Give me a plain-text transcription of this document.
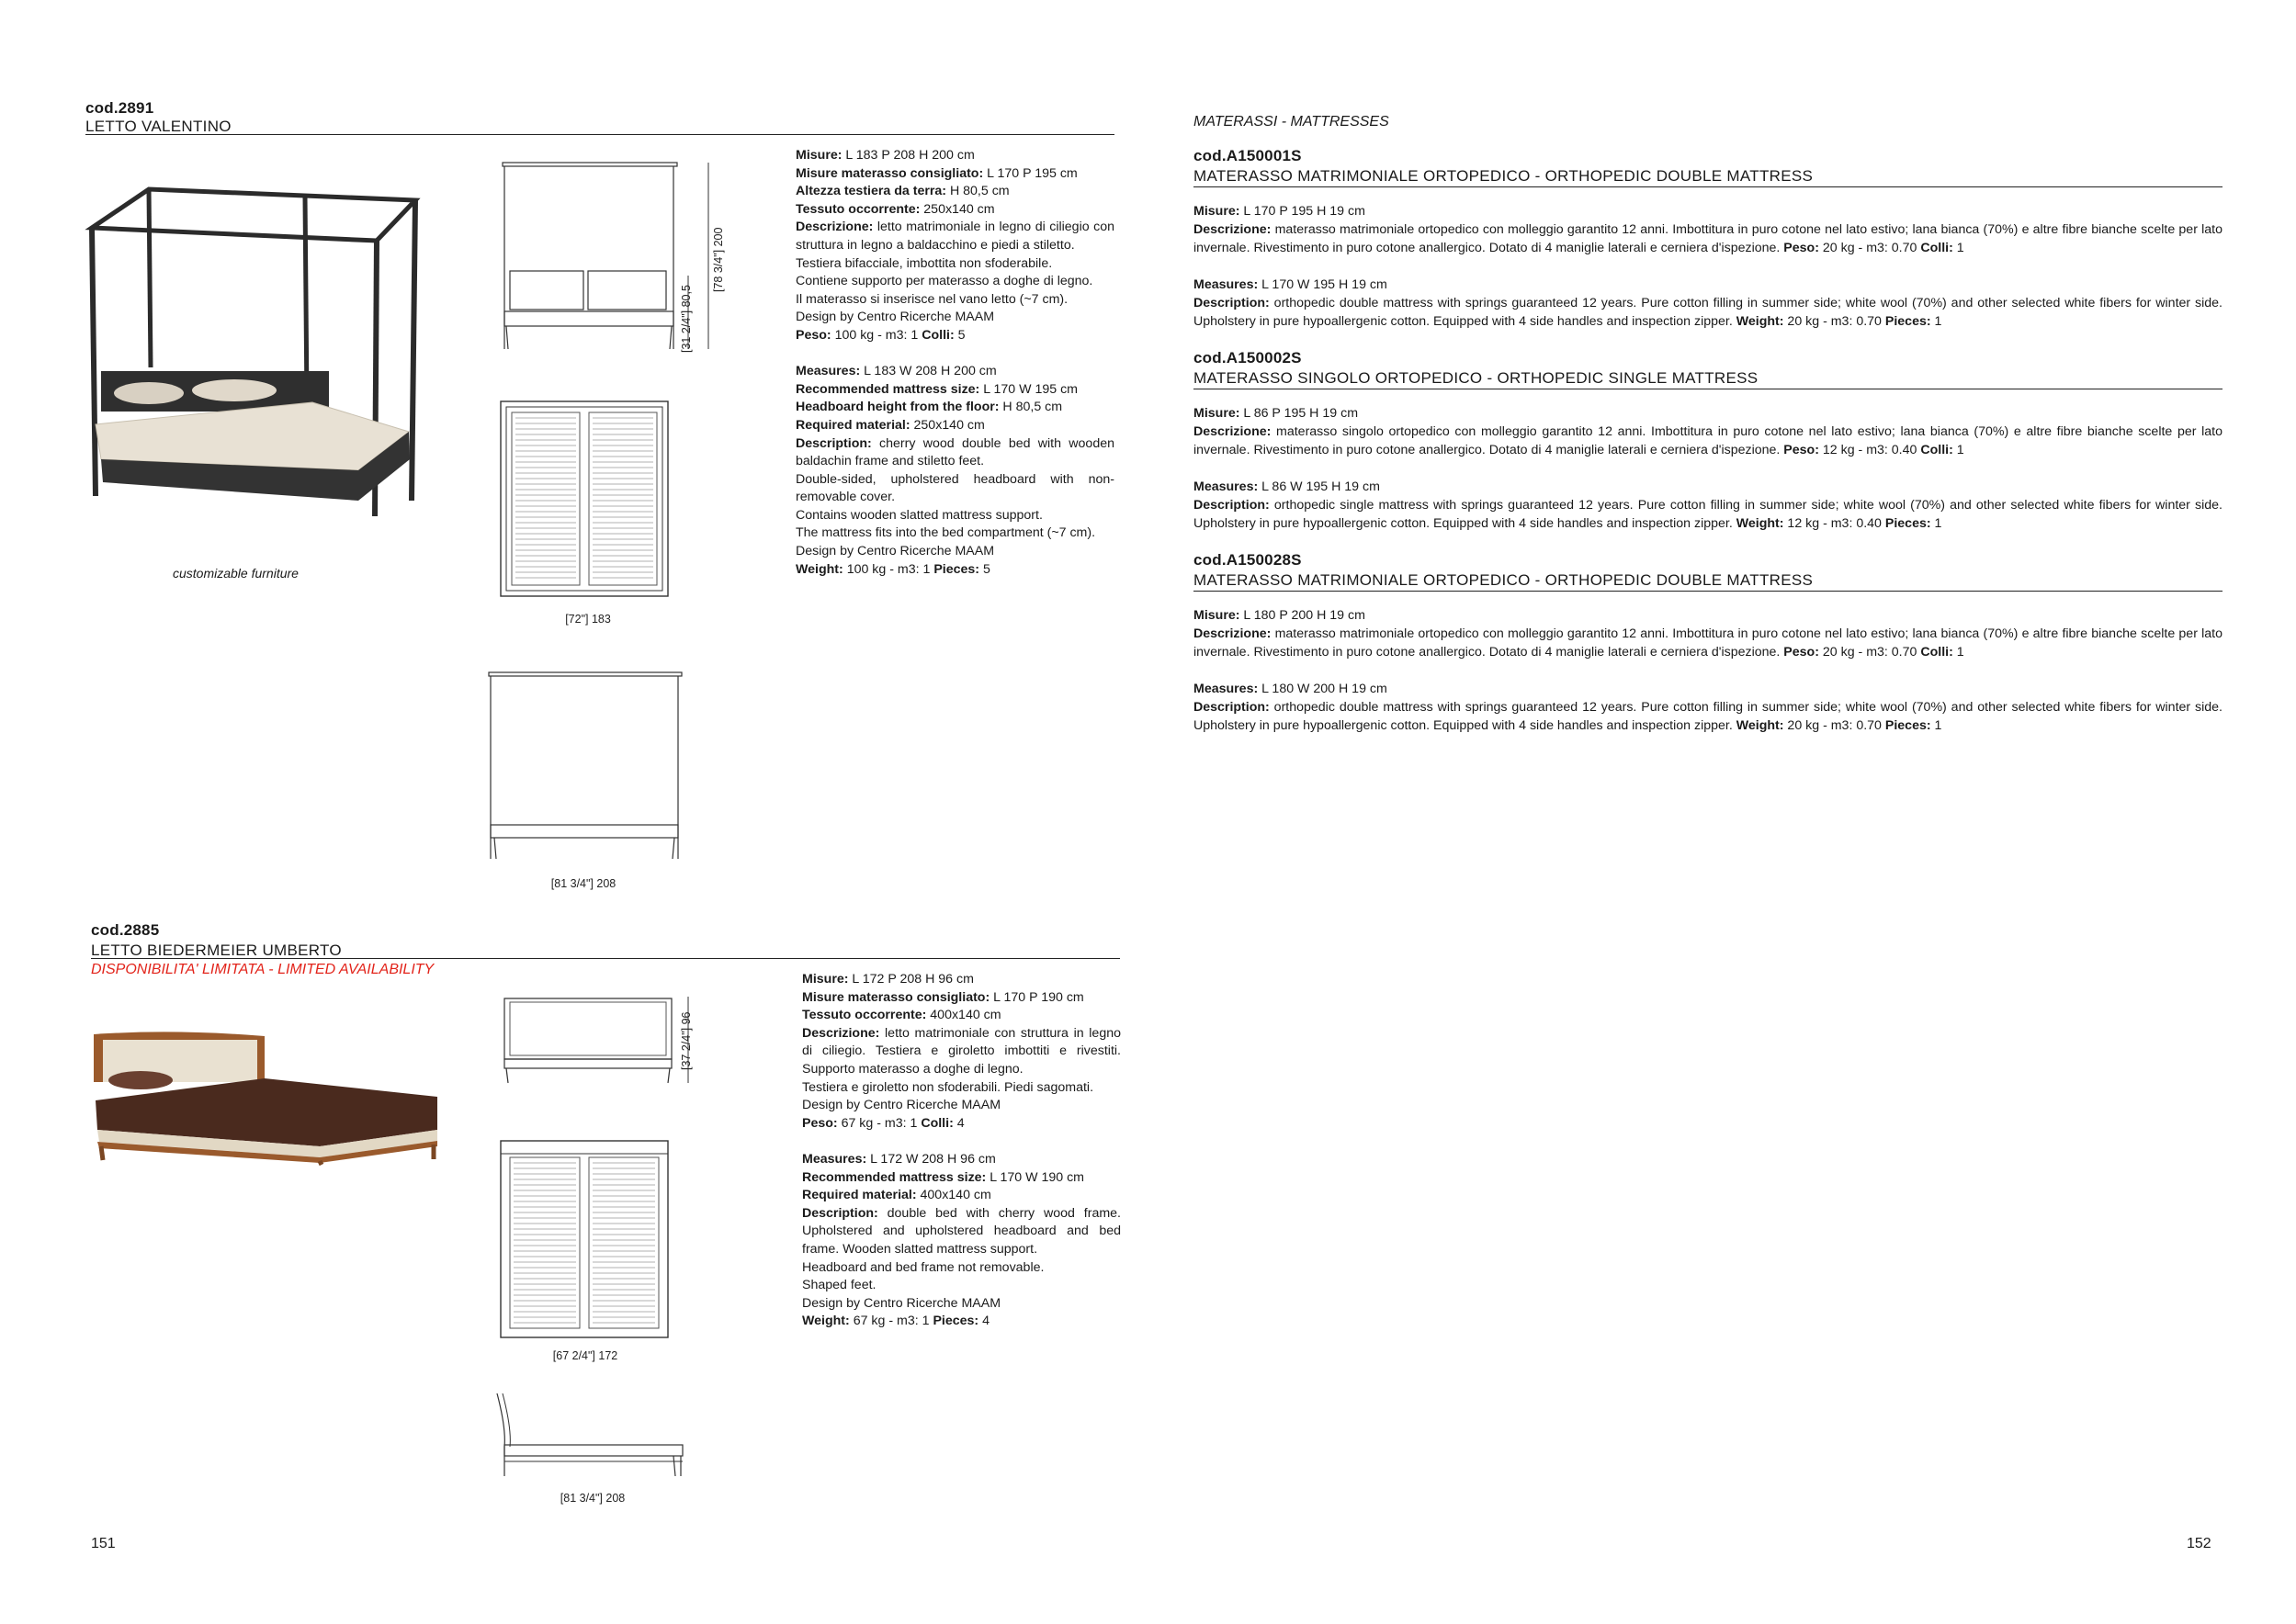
cod.2891
LETTO VALENTINO
customizable furniture
[31 2/4"] 80,5
[78 3/4"] 200
[72"] 183
[81 3/4"] 208

Misure: L 183 P 208 H 200 cm

Misure materasso consigliato: L 170 P 195 cm

Altezza testiera da terra: H 80,5 cm

Tessuto occorrente: 250x140 cm

Descrizione: letto matrimoniale in legno di ciliegio con struttura in legno a baldacchino e piedi a stiletto.

Testiera bifacciale, imbottita non sfoderabile.

Contiene supporto per materasso a doghe di legno.

Il materasso si inserisce nel vano letto (~7 cm).

Design by Centro Ricerche MAAM

Peso: 100 kg - m3: 1 Colli: 5

Measures: L 183 W 208 H 200 cm

Recommended mattress size: L 170 W 195 cm

Headboard height from the floor: H 80,5 cm

Required material: 250x140 cm

Description: cherry wood double bed with wooden baldachin frame and stiletto feet.

Double-sided, upholstered headboard with non-removable cover.

Contains wooden slatted mattress support.

The mattress fits into the bed compartment (~7 cm).

Design by Centro Ricerche MAAM

Weight: 100 kg - m3: 1 Pieces: 5

cod.2885
LETTO BIEDERMEIER UMBERTO
DISPONIBILITA' LIMITATA - LIMITED AVAILABILITY
[37 2/4"] 96
[67 2/4"] 172
[81 3/4"] 208

Misure: L 172 P 208 H 96 cm

Misure materasso consigliato: L 170 P 190 cm

Tessuto occorrente: 400x140 cm

Descrizione: letto matrimoniale con struttura in legno di ciliegio. Testiera e giroletto imbottiti e rivestiti. Supporto materasso a doghe di legno.

Testiera e giroletto non sfoderabili. Piedi sagomati.

Design by Centro Ricerche MAAM

Peso: 67 kg - m3: 1 Colli: 4

Measures: L 172 W 208 H 96 cm

Recommended mattress size: L 170 W 190 cm

Required material: 400x140 cm

Description: double bed with cherry wood frame. Upholstered and upholstered headboard and bed frame. Wooden slatted mattress support.

Headboard and bed frame not removable.

Shaped feet.

Design by Centro Ricerche MAAM

Weight: 67 kg - m3: 1 Pieces: 4

151
MATERASSI - MATTRESSES
cod.A150001S
MATERASSO MATRIMONIALE ORTOPEDICO - ORTHOPEDIC DOUBLE MATTRESS

Misure: L 170 P 195 H 19 cm

Descrizione: materasso matrimoniale ortopedico con molleggio garantito 12 anni. Imbottitura in puro cotone nel lato estivo; lana bianca (70%) e altre fibre bianche scelte per lato invernale. Rivestimento in puro cotone anallergico. Dotato di 4 maniglie laterali e cerniera d'ispezione. Peso: 20 kg - m3: 0.70 Colli: 1

Measures: L 170 W 195 H 19 cm

Description: orthopedic double mattress with springs guaranteed 12 years. Pure cotton filling in summer side; white wool (70%) and other selected white fibers for winter side. Upholstery in pure hypoallergenic cotton. Equipped with 4 side handles and inspection zipper. Weight: 20 kg - m3: 0.70 Pieces: 1

cod.A150002S
MATERASSO SINGOLO ORTOPEDICO - ORTHOPEDIC SINGLE MATTRESS

Misure: L 86 P 195 H 19 cm

Descrizione: materasso singolo ortopedico con molleggio garantito 12 anni. Imbottitura in puro cotone nel lato estivo; lana bianca (70%) e altre fibre bianche scelte per lato invernale. Rivestimento in puro cotone anallergico. Dotato di 4 maniglie laterali e cerniera d'ispezione. Peso: 12 kg - m3: 0.40 Colli: 1

Measures: L 86 W 195 H 19 cm

Description: orthopedic single mattress with springs guaranteed 12 years. Pure cotton filling in summer side; white wool (70%) and other selected white fibers for winter side. Upholstery in pure hypoallergenic cotton. Equipped with 4 side handles and inspection zipper. Weight: 12 kg - m3: 0.40 Pieces: 1

cod.A150028S
MATERASSO MATRIMONIALE ORTOPEDICO - ORTHOPEDIC DOUBLE MATTRESS

Misure: L 180 P 200 H 19 cm

Descrizione: materasso matrimoniale ortopedico con molleggio garantito 12 anni. Imbottitura in puro cotone nel lato estivo; lana bianca (70%) e altre fibre bianche scelte per lato invernale. Rivestimento in puro cotone anallergico. Dotato di 4 maniglie laterali e cerniera d'ispezione. Peso: 20 kg - m3: 0.70 Colli: 1

Measures: L 180 W 200 H 19 cm

Description: orthopedic double mattress with springs guaranteed 12 years. Pure cotton filling in summer side; white wool (70%) and other selected white fibers for winter side. Upholstery in pure hypoallergenic cotton. Equipped with 4 side handles and inspection zipper. Weight: 20 kg - m3: 0.70 Pieces: 1

152
